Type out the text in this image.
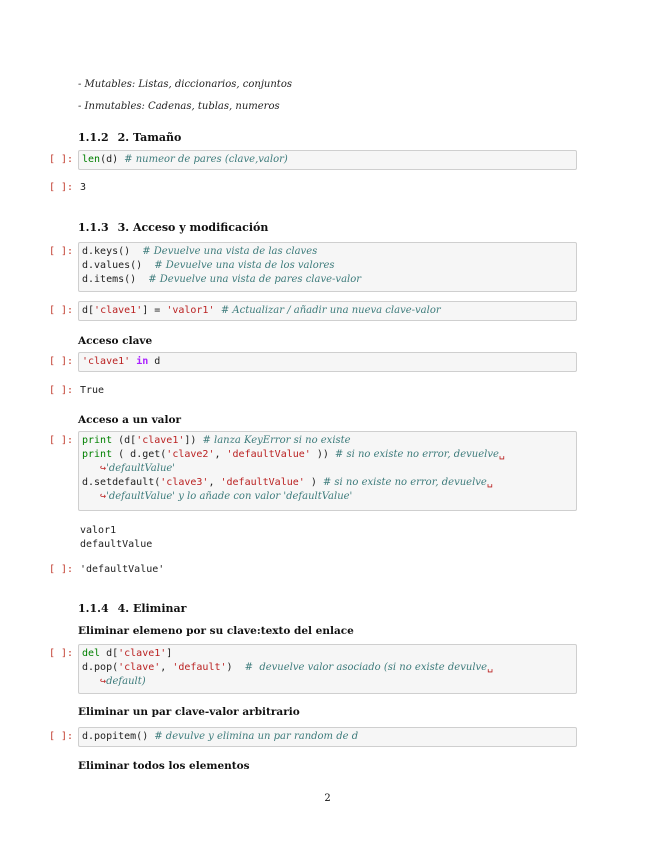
- Mutables: Listas, diccionarios, conjuntos
- Inmutables: Cadenas, tublas, numeros
1.1.2 2. Tamaño
[ ]: len(d) # numeor de pares (clave,valor)
[ ]: 3
1.1.3 3. Acceso y modificación
[ ]: d.keys()  # Devuelve una vista de las claves
d.values()  # Devuelve una vista de los valores
d.items()  # Devuelve una vista de pares clave-valor
[ ]: d['clave1'] = 'valor1'  # Actualizar / añadir una nueva clave-valor
Acceso clave
[ ]: 'clave1' in d
[ ]: True
Acceso a un valor
[ ]: print (d['clave1']) # lanza KeyError si no existe
print ( d.get('clave2', 'defaultValue' )) # si no existe no error, devuelve␣
↪'defaultValue'
d.setdefault('clave3', 'defaultValue' ) # si no existe no error, devuelve␣
↪'defaultValue' y lo añade con valor 'defaultValue'
valor1
defaultValue
[ ]: 'defaultValue'
1.1.4 4. Eliminar
Eliminar elemeno por su clave:texto del enlace
[ ]: del d['clave1']
d.pop('clave', 'default')  #  devuelve valor asociado (si no existe devulve␣
↪default)
Eliminar un par clave-valor arbitrario
[ ]: d.popitem() # devulve y elimina un par random de d
Eliminar todos los elementos
2
